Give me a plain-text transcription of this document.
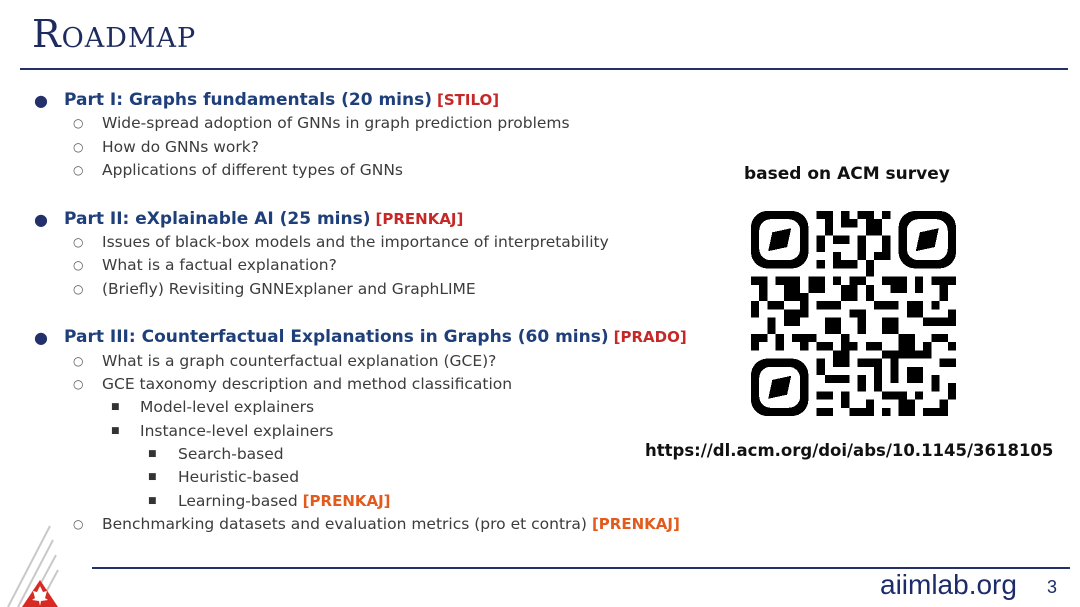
Roadmap
● Part I: Graphs fundamentals (20 mins) [STILO]
○ Wide-spread adoption of GNNs in graph prediction problems
○ How do GNNs work?
○ Applications of different types of GNNs
● Part II: eXplainable AI (25 mins) [PRENKAJ]
○ Issues of black-box models and the importance of interpretability
○ What is a factual explanation?
○ (Briefly) Revisiting GNNExplaner and GraphLIME
● Part III: Counterfactual Explanations in Graphs (60 mins) [PRADO]
○ What is a graph counterfactual explanation (GCE)?
○ GCE taxonomy description and method classification
■ Model-level explainers
■ Instance-level explainers
■ Search-based
■ Heuristic-based
■ Learning-based [PRENKAJ]
○ Benchmarking datasets and evaluation metrics (pro et contra) [PRENKAJ]

based on ACM survey

https://dl.acm.org/doi/abs/10.1145/3618105
aiimlab.org 3
